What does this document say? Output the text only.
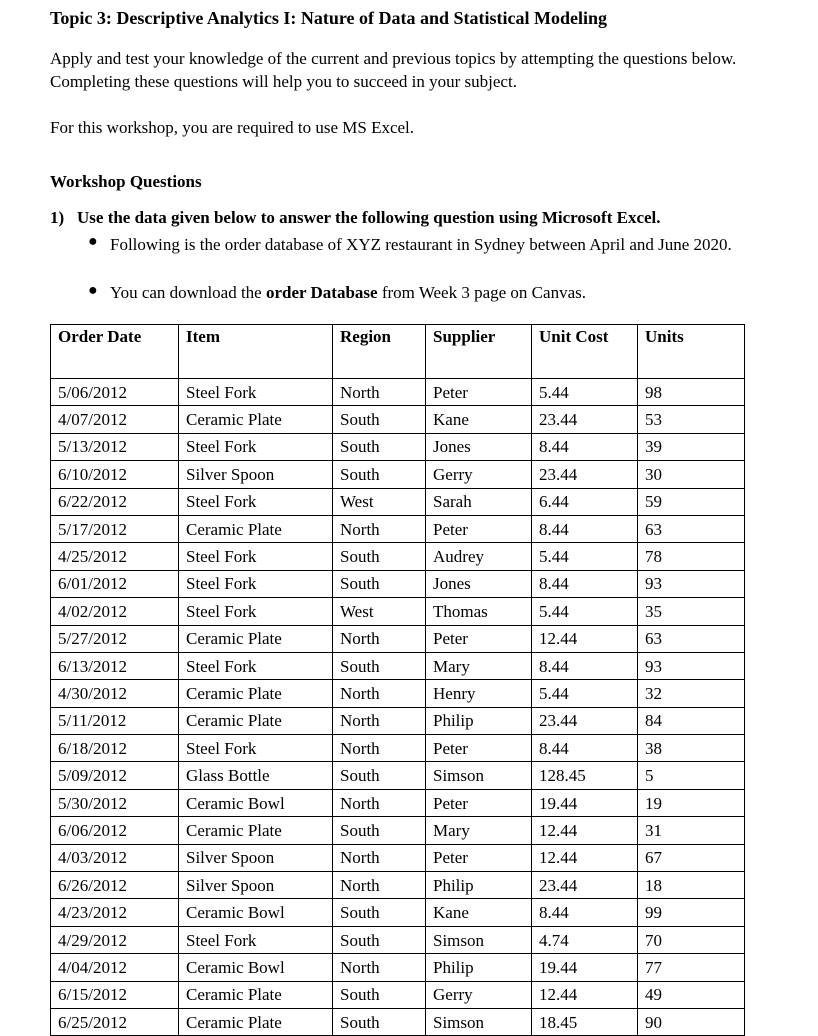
Topic 3: Descriptive Analytics I: Nature of Data and Statistical Modeling

Apply and test your knowledge of the current and previous topics by attempting the questions below. Completing these questions will help you to succeed in your subject.

For this workshop, you are required to use MS Excel.

Workshop Questions
1) Use the data given below to answer the following question using Microsoft Excel.
● Following is the order database of XYZ restaurant in Sydney between April and June 2020.

● You can download the order Database from Week 3 page on Canvas.

Order Date	Item	Region	Supplier	Unit Cost	Units
5/06/2012	Steel Fork	North	Peter	5.44	98
4/07/2012	Ceramic Plate	South	Kane	23.44	53
5/13/2012	Steel Fork	South	Jones	8.44	39
6/10/2012	Silver Spoon	South	Gerry	23.44	30
6/22/2012	Steel Fork	West	Sarah	6.44	59
5/17/2012	Ceramic Plate	North	Peter	8.44	63
4/25/2012	Steel Fork	South	Audrey	5.44	78
6/01/2012	Steel Fork	South	Jones	8.44	93
4/02/2012	Steel Fork	West	Thomas	5.44	35
5/27/2012	Ceramic Plate	North	Peter	12.44	63
6/13/2012	Steel Fork	South	Mary	8.44	93
4/30/2012	Ceramic Plate	North	Henry	5.44	32
5/11/2012	Ceramic Plate	North	Philip	23.44	84
6/18/2012	Steel Fork	North	Peter	8.44	38
5/09/2012	Glass Bottle	South	Simson	128.45	5
5/30/2012	Ceramic Bowl	North	Peter	19.44	19
6/06/2012	Ceramic Plate	South	Mary	12.44	31
4/03/2012	Silver Spoon	North	Peter	12.44	67
6/26/2012	Silver Spoon	North	Philip	23.44	18
4/23/2012	Ceramic Bowl	South	Kane	8.44	99
4/29/2012	Steel Fork	South	Simson	4.74	70
4/04/2012	Ceramic Bowl	North	Philip	19.44	77
6/15/2012	Ceramic Plate	South	Gerry	12.44	49
6/25/2012	Ceramic Plate	South	Simson	18.45	90
